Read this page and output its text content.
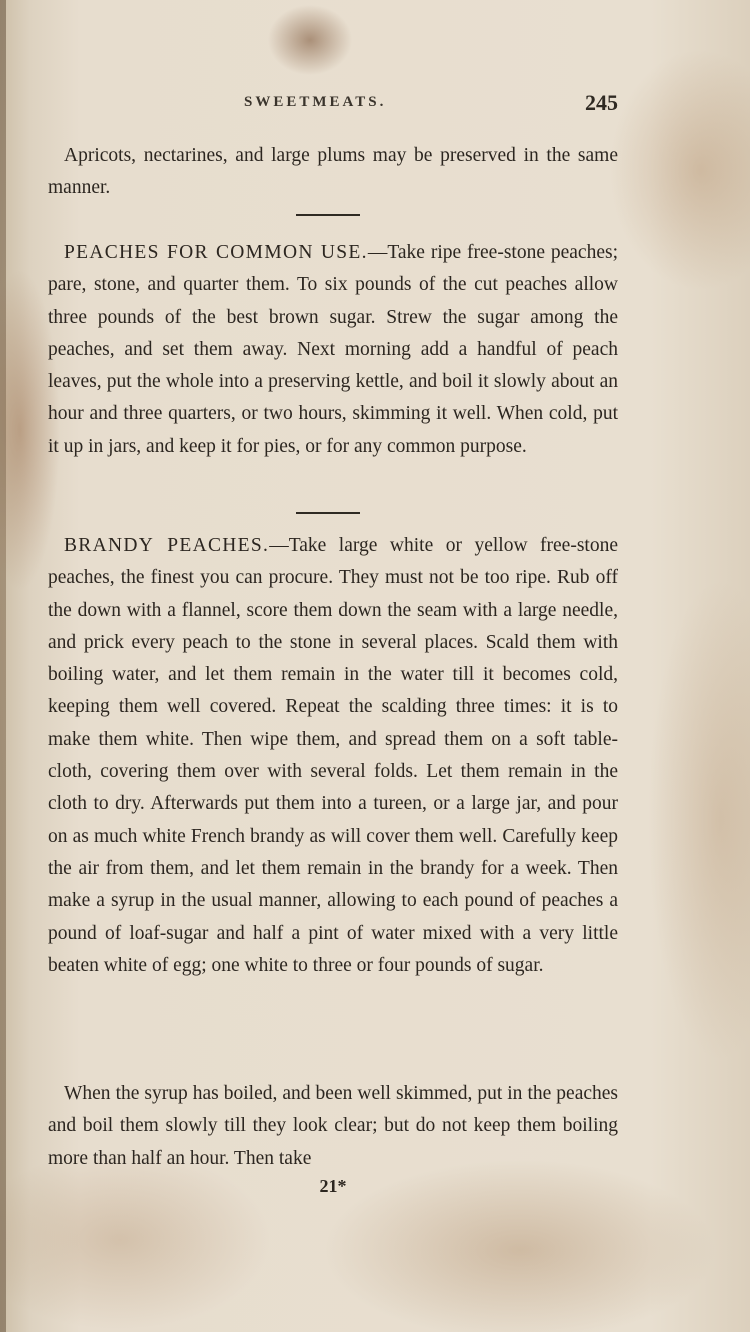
SWEETMEATS.	245

Apricots, nectarines, and large plums may be preserved in the same manner.

PEACHES FOR COMMON USE.—Take ripe free-stone peaches; pare, stone, and quarter them. To six pounds of the cut peaches allow three pounds of the best brown sugar. Strew the sugar among the peaches, and set them away. Next morning add a handful of peach leaves, put the whole into a preserving kettle, and boil it slowly about an hour and three quarters, or two hours, skimming it well. When cold, put it up in jars, and keep it for pies, or for any common purpose.

BRANDY PEACHES.—Take large white or yellow free-stone peaches, the finest you can procure. They must not be too ripe. Rub off the down with a flannel, score them down the seam with a large needle, and prick every peach to the stone in several places. Scald them with boiling water, and let them remain in the water till it becomes cold, keeping them well covered. Repeat the scalding three times: it is to make them white. Then wipe them, and spread them on a soft table-cloth, covering them over with several folds. Let them remain in the cloth to dry. Afterwards put them into a tureen, or a large jar, and pour on as much white French brandy as will cover them well. Carefully keep the air from them, and let them remain in the brandy for a week. Then make a syrup in the usual manner, allowing to each pound of peaches a pound of loaf-sugar and half a pint of water mixed with a very little beaten white of egg; one white to three or four pounds of sugar.

When the syrup has boiled, and been well skimmed, put in the peaches and boil them slowly till they look clear; but do not keep them boiling more than half an hour. Then take

21*
